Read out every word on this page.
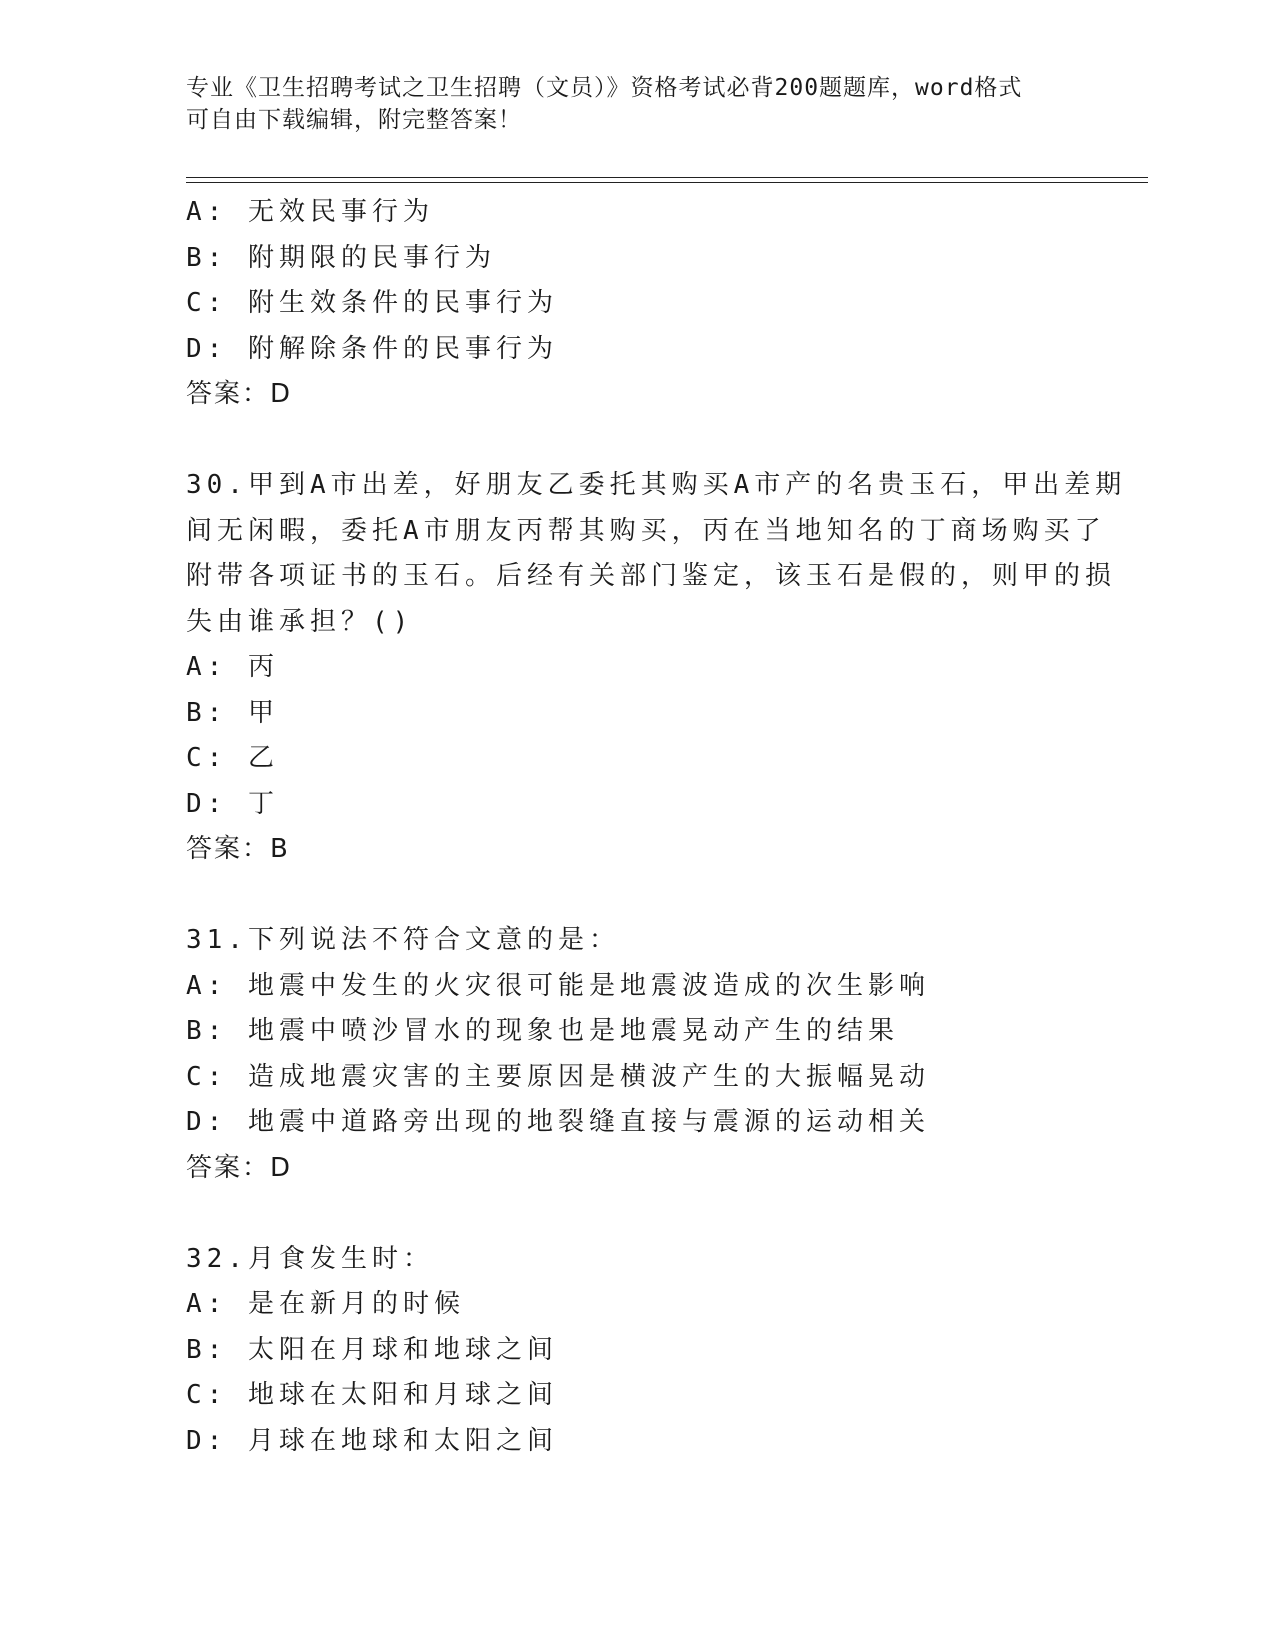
专业《卫生招聘考试之卫生招聘（文员）》资格考试必背200题题库，word格式
可自由下载编辑，附完整答案！
A: 无效民事行为
B: 附期限的民事行为
C: 附生效条件的民事行为
D: 附解除条件的民事行为
答案：D
30.甲到A市出差，好朋友乙委托其购买A市产的名贵玉石，甲出差期
间无闲暇，委托A市朋友丙帮其购买，丙在当地知名的丁商场购买了
附带各项证书的玉石。后经有关部门鉴定，该玉石是假的，则甲的损
失由谁承担？()
A: 丙
B: 甲
C: 乙
D: 丁
答案：B
31.下列说法不符合文意的是：
A: 地震中发生的火灾很可能是地震波造成的次生影响
B: 地震中喷沙冒水的现象也是地震晃动产生的结果
C: 造成地震灾害的主要原因是横波产生的大振幅晃动
D: 地震中道路旁出现的地裂缝直接与震源的运动相关
答案：D
32.月食发生时：
A: 是在新月的时候
B: 太阳在月球和地球之间
C: 地球在太阳和月球之间
D: 月球在地球和太阳之间
